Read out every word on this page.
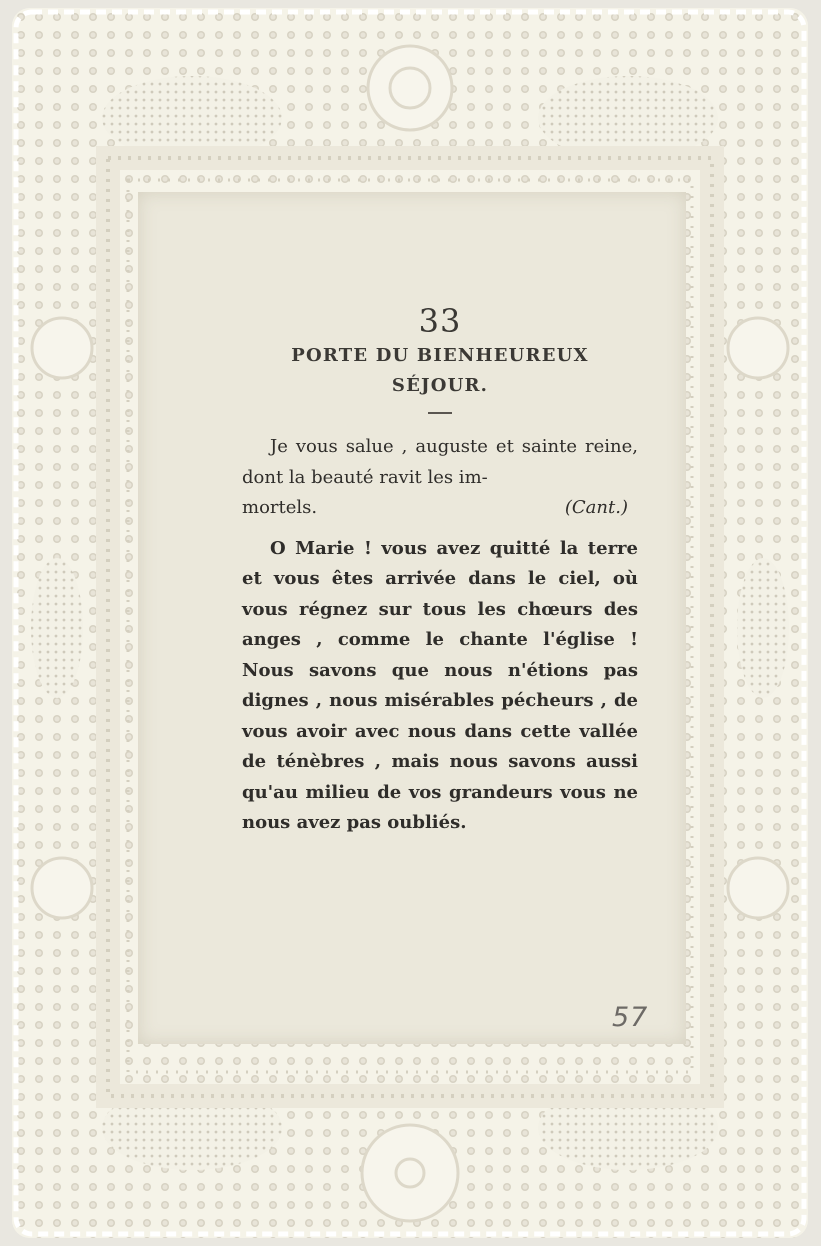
33
PORTE DU BIENHEUREUX
SÉJOUR.

Je vous salue , auguste et sainte reine, dont la beauté ravit les im-

mortels.	(Cant.)

O Marie ! vous avez quitté la terre et vous êtes arrivée dans le ciel, où vous régnez sur tous les chœurs des anges , comme le chante l'église ! Nous savons que nous n'étions pas dignes , nous misérables pécheurs , de vous avoir avec nous dans cette vallée de ténèbres , mais nous savons aussi qu'au milieu de vos grandeurs vous ne nous avez pas oubliés.

57
